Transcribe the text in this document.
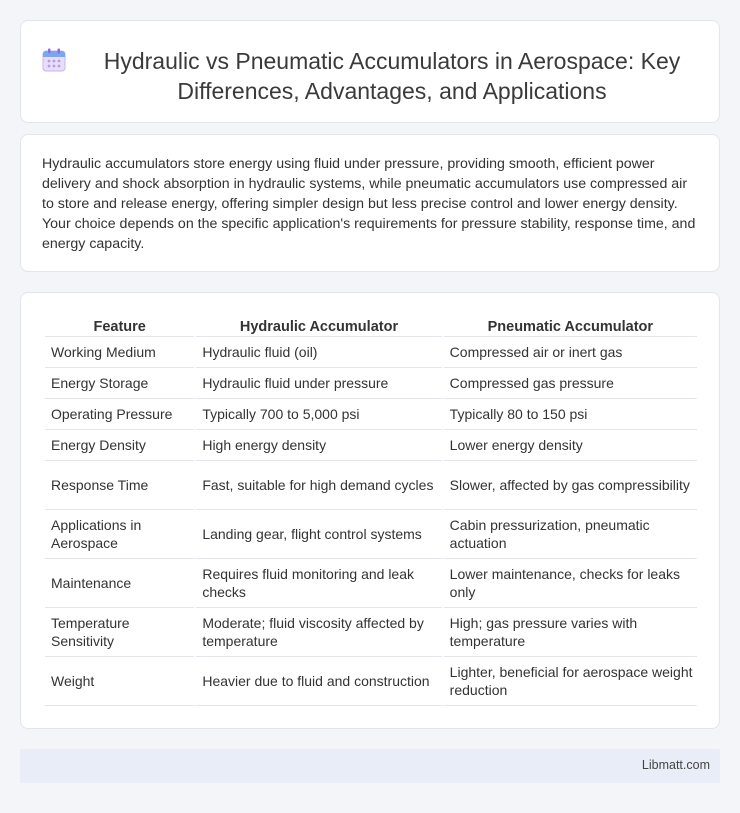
Hydraulic vs Pneumatic Accumulators in Aerospace: Key Differences, Advantages, and Applications

Hydraulic accumulators store energy using fluid under pressure, providing smooth, efficient power delivery and shock absorption in hydraulic systems, while pneumatic accumulators use compressed air to store and release energy, offering simpler design but less precise control and lower energy density. Your choice depends on the specific application's requirements for pressure stability, response time, and energy capacity.

Feature	Hydraulic Accumulator	Pneumatic Accumulator
Working Medium	Hydraulic fluid (oil)	Compressed air or inert gas
Energy Storage	Hydraulic fluid under pressure	Compressed gas pressure
Operating Pressure	Typically 700 to 5,000 psi	Typically 80 to 150 psi
Energy Density	High energy density	Lower energy density
Response Time	Fast, suitable for high demand cycles	Slower, affected by gas compressibility
Applications in Aerospace	Landing gear, flight control systems	Cabin pressurization, pneumatic actuation
Maintenance	Requires fluid monitoring and leak checks	Lower maintenance, checks for leaks only
Temperature Sensitivity	Moderate; fluid viscosity affected by temperature	High; gas pressure varies with temperature
Weight	Heavier due to fluid and construction	Lighter, beneficial for aerospace weight reduction
Libmatt.com
